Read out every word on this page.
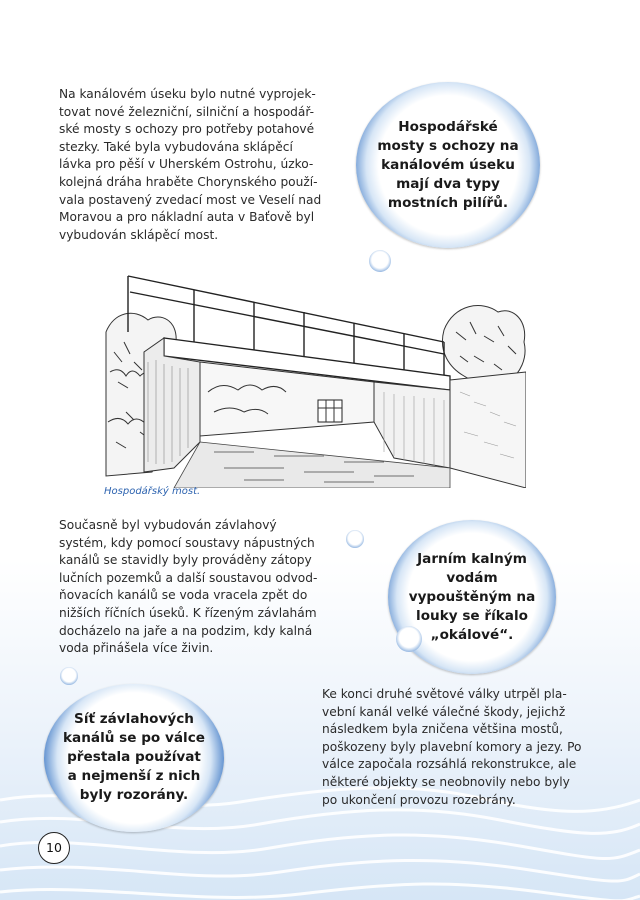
Na kanálovém úseku bylo nutné vyprojek-
tovat nové železniční, silniční a hospodář-
ské mosty s ochozy pro potřeby potahové
stezky. Také byla vybudována sklápěcí
lávka pro pěší v Uherském Ostrohu, úzko-
kolejná dráha hraběte Chorynského použí-
vala postavený zvedací most ve Veselí nad
Moravou a pro nákladní auta v Baťově byl
vybudován sklápěcí most.
Hospodářské
mosty s ochozy na
kanálovém úseku
mají dva typy
mostních pilířů.
Hospodářský most.
Současně byl vybudován závlahový
systém, kdy pomocí soustavy nápustných
kanálů se stavidly byly prováděny zátopy
lučních pozemků a další soustavou odvod-
ňovacích kanálů se voda vracela zpět do
nižších říčních úseků. K řízeným závlahám
docházelo na jaře a na podzim, kdy kalná
voda přinášela více živin.
Jarním kalným
vodám
vypouštěným na
louky se říkalo
„okálové“.
Síť závlahových
kanálů se po válce
přestala používat
a nejmenší z nich
byly rozorány.
Ke konci druhé světové války utrpěl pla-
vební kanál velké válečné škody, jejichž
následkem byla zničena většina mostů,
poškozeny byly plavební komory a jezy. Po
válce započala rozsáhlá rekonstrukce, ale
některé objekty se neobnovily nebo byly
po ukončení provozu rozebrány.
10
